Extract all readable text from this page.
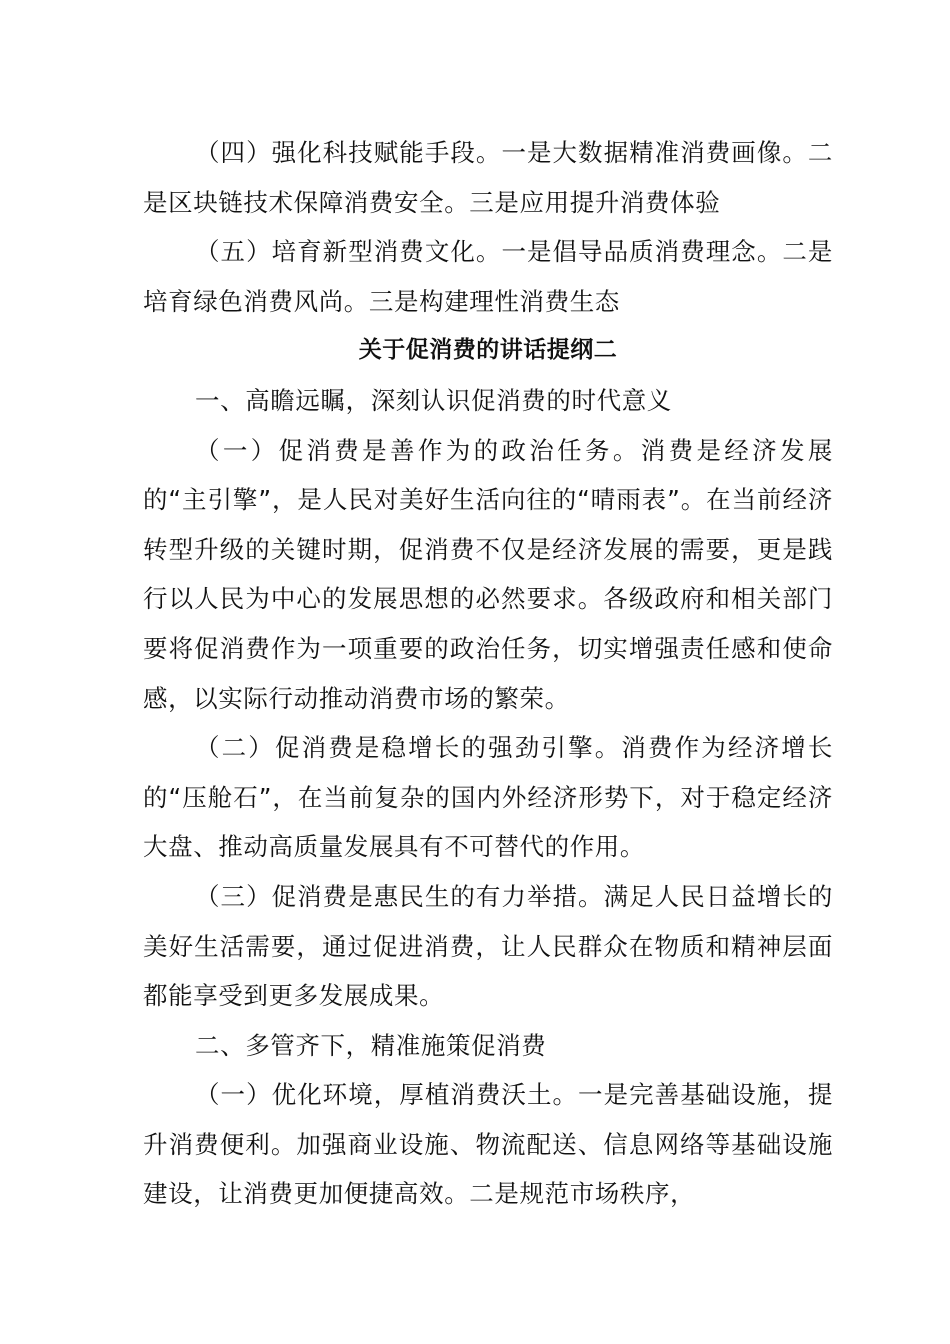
（四）强化科技赋能手段。一是大数据精准消费画像。二是区块链技术保障消费安全。三是应用提升消费体验

（五）培育新型消费文化。一是倡导品质消费理念。二是培育绿色消费风尚。三是构建理性消费生态

关于促消费的讲话提纲二

一、高瞻远瞩，深刻认识促消费的时代意义

（一）促消费是善作为的政治任务。消费是经济发展的“主引擎”，是人民对美好生活向往的“晴雨表”。在当前经济转型升级的关键时期，促消费不仅是经济发展的需要，更是践行以人民为中心的发展思想的必然要求。各级政府和相关部门要将促消费作为一项重要的政治任务，切实增强责任感和使命感，以实际行动推动消费市场的繁荣。

（二）促消费是稳增长的强劲引擎。消费作为经济增长的“压舱石”，在当前复杂的国内外经济形势下，对于稳定经济大盘、推动高质量发展具有不可替代的作用。

（三）促消费是惠民生的有力举措。满足人民日益增长的美好生活需要，通过促进消费，让人民群众在物质和精神层面都能享受到更多发展成果。

二、多管齐下，精准施策促消费

（一）优化环境，厚植消费沃土。一是完善基础设施，提升消费便利。加强商业设施、物流配送、信息网络等基础设施建设，让消费更加便捷高效。二是规范市场秩序，
